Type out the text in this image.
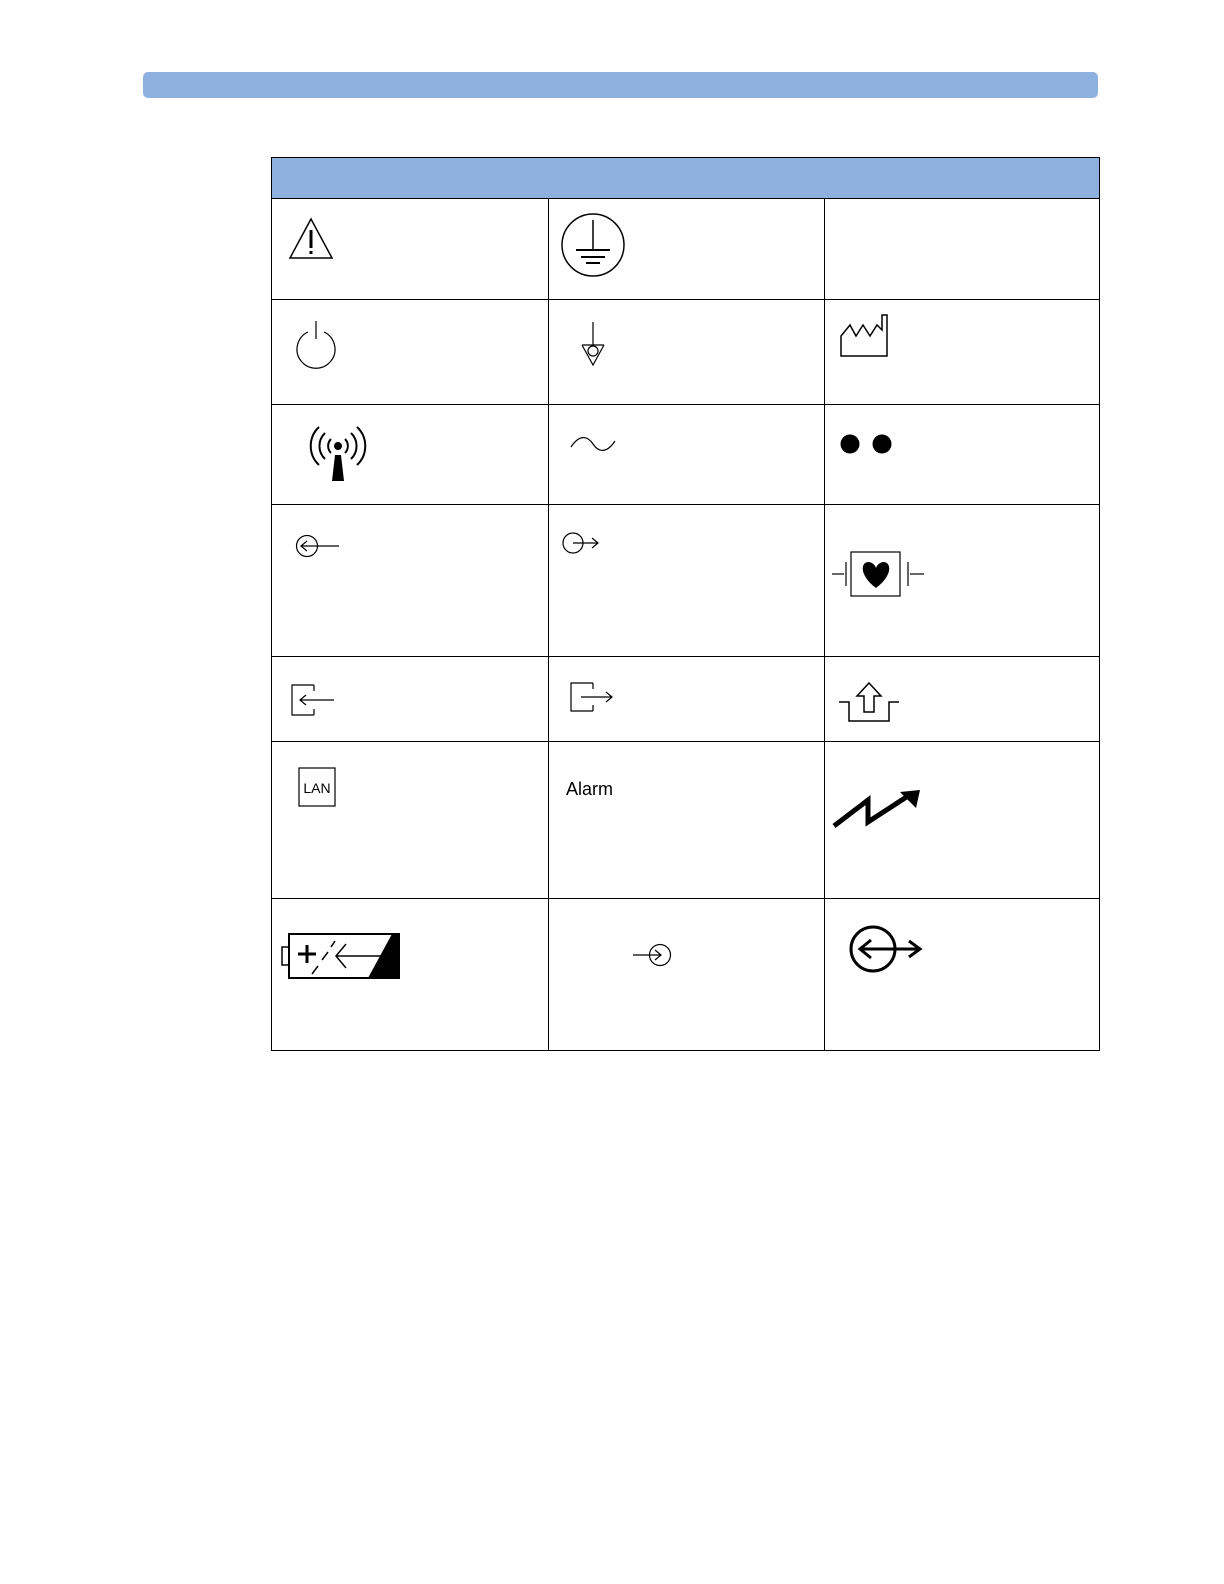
LAN	Alarm
